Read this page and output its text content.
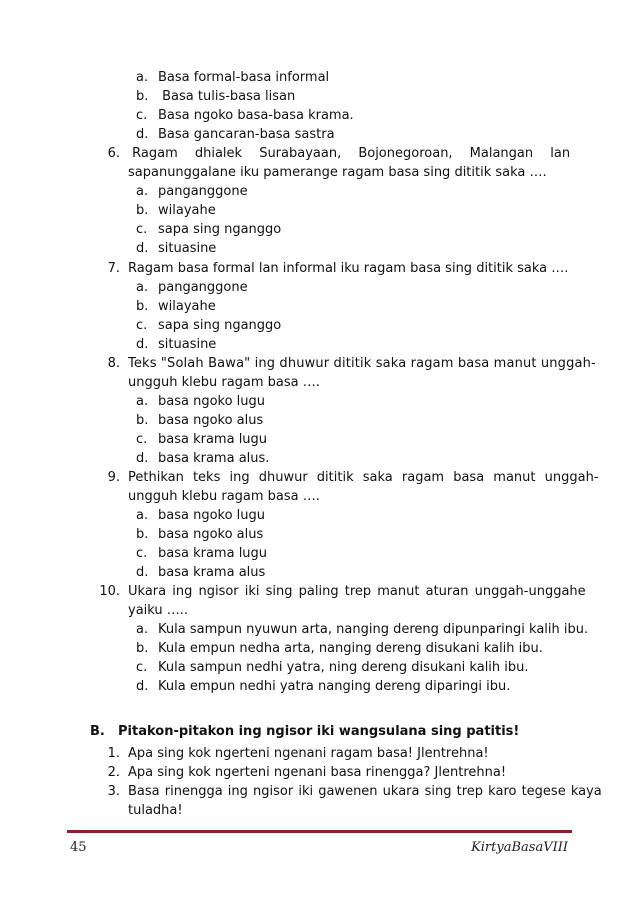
a. Basa formal-basa informal
b. Basa tulis-basa lisan
c. Basa ngoko basa-basa krama.
d. Basa gancaran-basa sastra
6. Ragam dhialek Surabayaan, Bojonegoroan, Malangan lan
sapanunggalane iku pamerange ragam basa sing dititik saka ….
a. panganggone
b. wilayahe
c. sapa sing nganggo
d. situasine
7. Ragam basa formal lan informal iku ragam basa sing dititik saka ….
a. panganggone
b. wilayahe
c. sapa sing nganggo
d. situasine
8. Teks "Solah Bawa" ing dhuwur dititik saka ragam basa manut unggah-
ungguh klebu ragam basa ….
a. basa ngoko lugu
b. basa ngoko alus
c. basa krama lugu
d. basa krama alus.
9. Pethikan teks ing dhuwur dititik saka ragam basa manut unggah-
ungguh klebu ragam basa ….
a. basa ngoko lugu
b. basa ngoko alus
c. basa krama lugu
d. basa krama alus
10. Ukara ing ngisor iki sing paling trep manut aturan unggah-unggahe
yaiku …..
a. Kula sampun nyuwun arta, nanging dereng dipunparingi kalih ibu.
b. Kula empun nedha arta, nanging dereng disukani kalih ibu.
c. Kula sampun nedhi yatra, ning dereng disukani kalih ibu.
d. Kula empun nedhi yatra nanging dereng diparingi ibu.
B. Pitakon-pitakon ing ngisor iki wangsulana sing patitis!
1. Apa sing kok ngerteni ngenani ragam basa! Jlentrehna!
2. Apa sing kok ngerteni ngenani basa rinengga? Jlentrehna!
3. Basa rinengga ing ngisor iki gawenen ukara sing trep karo tegese kaya
tuladha!
45	KirtyaBasaVIII
